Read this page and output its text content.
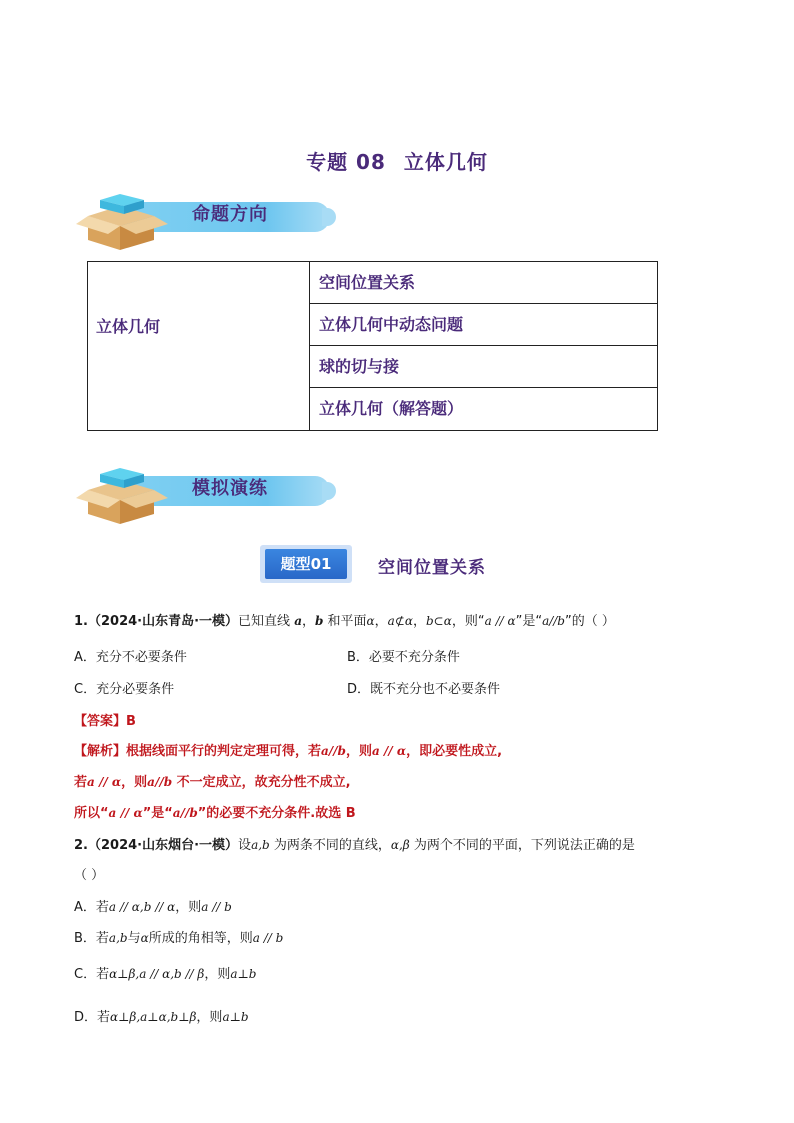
专题 08 立体几何
命题方向
立体几何
空间位置关系
立体几何中动态问题
球的切与接
立体几何（解答题）
模拟演练
题型01	空间位置关系
1.（2024·山东青岛·一模）已知直线 a，b 和平面α，a⊄α，b⊂α，则“a // α”是“a//b”的（ ）
A．充分不必要条件	B．必要不充分条件
C．充分必要条件	D．既不充分也不必要条件
【答案】B
【解析】根据线面平行的判定定理可得，若a//b，则a // α，即必要性成立,
若a // α，则a//b 不一定成立，故充分性不成立,
所以“a // α”是“a//b”的必要不充分条件.故选 B
2.（2024·山东烟台·一模）设a,b 为两条不同的直线，α,β 为两个不同的平面，下列说法正确的是
（ ）
A．若a // α,b // α，则a // b
B．若a,b与α所成的角相等，则a // b
C．若α⊥β,a // α,b // β，则a⊥b
D．若α⊥β,a⊥α,b⊥β，则a⊥b
